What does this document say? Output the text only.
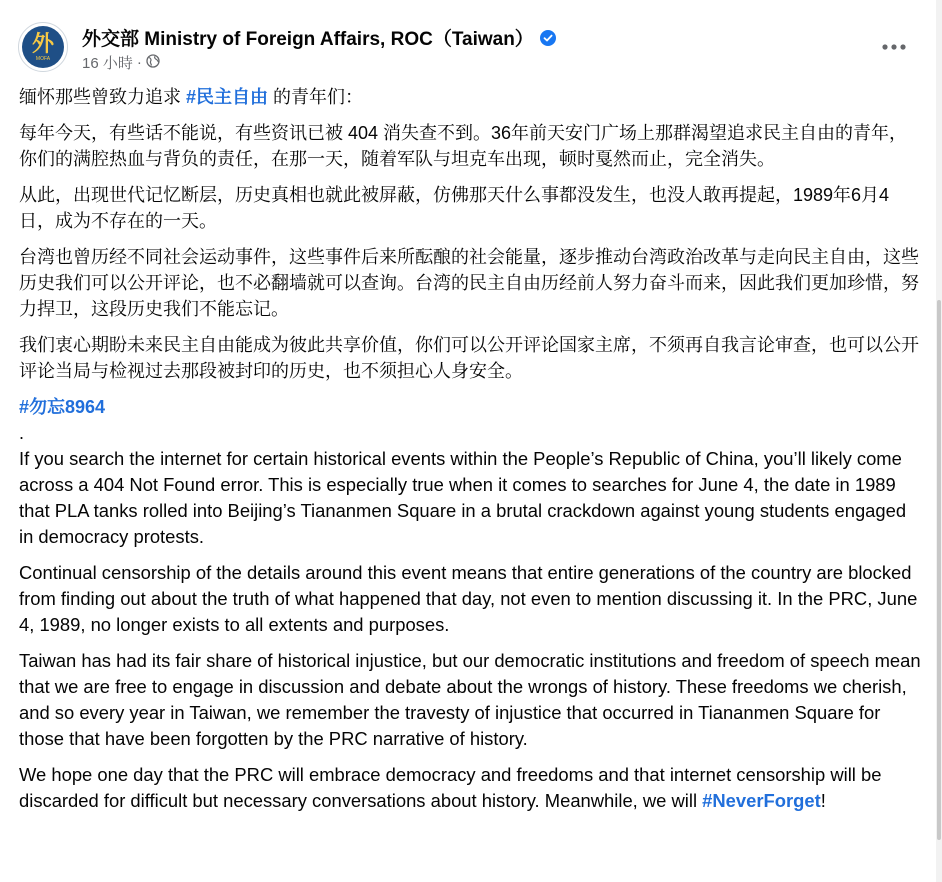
外
MOFA
外交部 Ministry of Foreign Affairs, ROC（Taiwan）
16 小時 ·

缅怀那些曾致力追求 #民主自由 的青年们：

每年今天，有些话不能说，有些资讯已被 404 消失查不到。36年前天安门广场上那群渴望追求民主自由的青年，你们的满腔热血与背负的责任，在那一天，随着军队与坦克车出现，顿时戛然而止，完全消失。

从此，出现世代记忆断层，历史真相也就此被屏蔽，仿佛那天什么事都没发生，也没人敢再提起，1989年6月4日，成为不存在的一天。

台湾也曾历经不同社会运动事件，这些事件后来所酝酿的社会能量，逐步推动台湾政治改革与走向民主自由，这些历史我们可以公开评论，也不必翻墙就可以查询。台湾的民主自由历经前人努力奋斗而来，因此我们更加珍惜，努力捍卫，这段历史我们不能忘记。

我们衷心期盼未来民主自由能成为彼此共享价值，你们可以公开评论国家主席，不须再自我言论审查，也可以公开评论当局与检视过去那段被封印的历史，也不须担心人身安全。

#勿忘8964

.

If you search the internet for certain historical events within the People’s Republic of China, you’ll likely come across a 404 Not Found error. This is especially true when it comes to searches for June 4, the date in 1989 that PLA tanks rolled into Beijing’s Tiananmen Square in a brutal crackdown against young students engaged in democracy protests.

Continual censorship of the details around this event means that entire generations of the country are blocked from finding out about the truth of what happened that day, not even to mention discussing it. In the PRC, June 4, 1989, no longer exists to all extents and purposes.

Taiwan has had its fair share of historical injustice, but our democratic institutions and freedom of speech mean that we are free to engage in discussion and debate about the wrongs of history. These freedoms we cherish, and so every year in Taiwan, we remember the travesty of injustice that occurred in Tiananmen Square for those that have been forgotten by the PRC narrative of history.

We hope one day that the PRC will embrace democracy and freedoms and that internet censorship will be discarded for difficult but necessary conversations about history. Meanwhile, we will #NeverForget!
